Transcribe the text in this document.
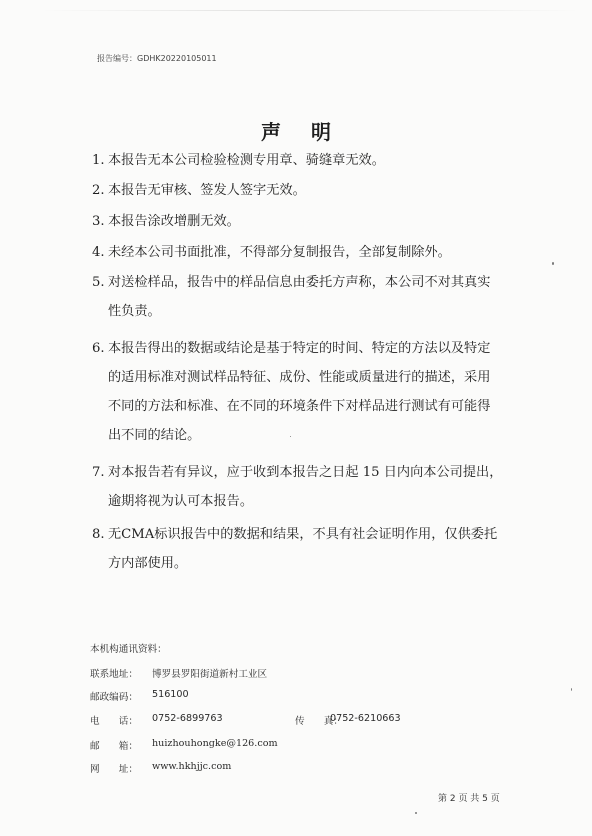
报告编号：GDHK20220105011
声明
1. 本报告无本公司检验检测专用章、骑缝章无效。
2. 本报告无审核、签发人签字无效。
3. 本报告涂改增删无效。
4. 未经本公司书面批准，不得部分复制报告，全部复制除外。
5. 对送检样品，报告中的样品信息由委托方声称，本公司不对其真实
性负责。
6. 本报告得出的数据或结论是基于特定的时间、特定的方法以及特定
的适用标准对测试样品特征、成份、性能或质量进行的描述，采用
不同的方法和标准、在不同的环境条件下对样品进行测试有可能得
出不同的结论。
7. 对本报告若有异议，应于收到本报告之日起 15 日内向本公司提出，
逾期将视为认可本报告。
8. 无CMA标识报告中的数据和结果，不具有社会证明作用，仅供委托
方内部使用。
本机构通讯资料：
联系地址： 博罗县罗阳街道新村工业区
邮政编码： 516100
电　　话： 0752-6899763	传　　真：
0752-6210663
邮　　箱： huizhouhongke@126.com
网　　址： www.hkhjjc.com
第 2 页 共 5 页
